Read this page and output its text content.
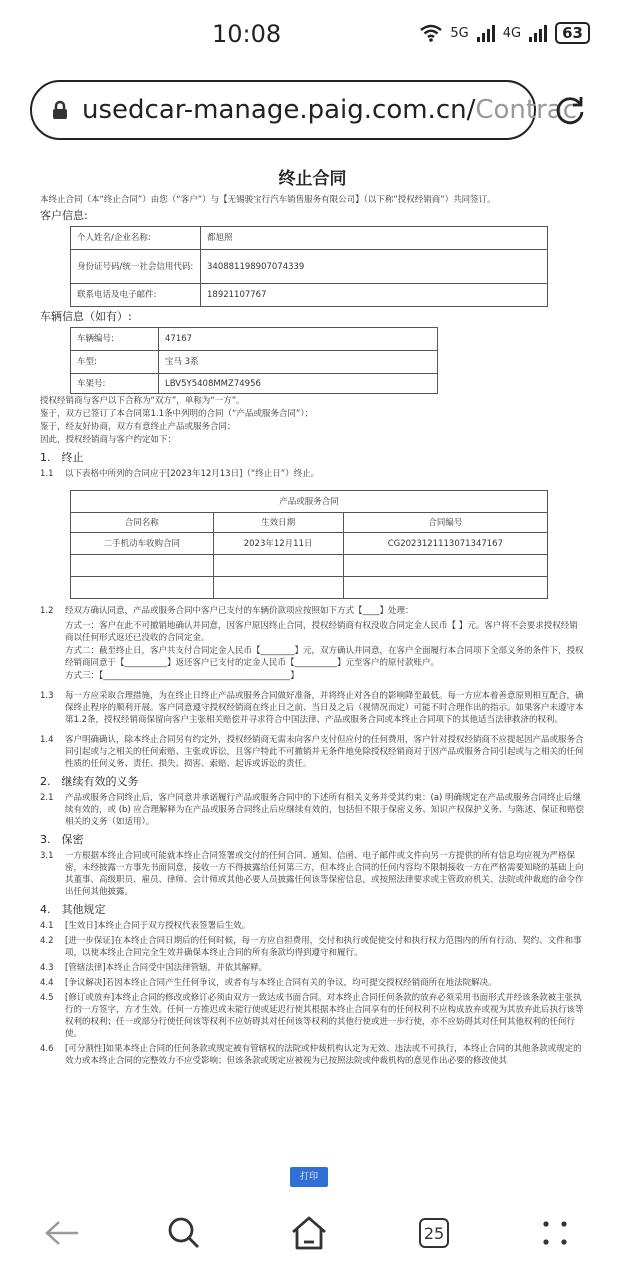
10:08	5G	4G	63
usedcar-manage.paig.com.cn/Contrac
终止合同
本终止合同（本“终止合同”）由您（“客户”）与【无锡骏宝行汽车销售服务有限公司】（以下称“授权经销商”）共同签订。
客户信息:
个人姓名/企业名称:	都旭照
身份证号码/统一社会信用代码:	340881198907074339
联系电话及电子邮件:	18921107767
车辆信息（如有）:
车辆编号:	47167
车型:	宝马 3系
车架号:	LBV5Y5408MMZ74956
授权经销商与客户以下合称为“双方”，单称为“一方”。
鉴于，双方已签订了本合同第1.1条中列明的合同（“产品或服务合同”）；
鉴于，经友好协商，双方有意终止产品或服务合同；
因此，授权经销商与客户约定如下：
1.　终止
1.1	以下表格中所列的合同应于[2023年12月13日]（“终止日”）终止。
产品或服务合同		
合同名称	生效日期	合同编号
二手机动车收购合同	2023年12月11日	CG2023121113071347167

1.2	经双方确认同意，产品或服务合同中客户已支付的车辆价款项应按照如下方式【____】处理：
方式一：客户在此不可撤销地确认并同意，因客户原因终止合同，授权经销商有权没收合同定金人民币【 】元。客户将不会要求授权经销商以任何形式返还已没收的合同定金。
方式二：截至终止日，客户共支付合同定金人民币【________】元，双方确认并同意，在客户全面履行本合同项下全部义务的条件下，授权经销商同意于【__________】返还客户已支付的定金人民币【__________】元至客户的原付款账户。
方式三：【____________________________________________】
1.3	每一方应采取合理措施，为在终止日终止产品或服务合同做好准备，并将终止对各自的影响降至最低。每一方应本着善意原则相互配合，确保终止程序的顺利开展。客户同意遵守授权经销商在终止日之前、当日及之后（视情况而定）可能不时合理作出的指示。如果客户未遵守本第1.2条，授权经销商保留向客户主张相关赔偿并寻求符合中国法律、产品或服务合同或本终止合同项下的其他适当法律救济的权利。
1.4	客户明确确认，除本终止合同另有约定外，授权经销商无需未向客户支付但应付的任何费用，客户针对授权经销商不应提起因产品或服务合同引起或与之相关的任何索赔、主张或诉讼，且客户特此不可撤销并无条件地免除授权经销商对于因产品或服务合同引起或与之相关的任何性质的任何义务、责任、损失、损害、索赔、起诉或诉讼的责任。
2.　继续有效的义务
2.1	产品或服务合同终止后，客户同意并承诺履行产品或服务合同中的下述所有相关义务并受其约束：(a) 明确规定在产品或服务合同终止后继续有效的，或 (b) 应合理解释为在产品或服务合同终止后应继续有效的，包括但不限于保密义务、知识产权保护义务、与陈述、保证和赔偿相关的义务（如适用）。
3.　保密
3.1	一方根据本终止合同或可能就本终止合同签署或交付的任何合同、通知、信函、电子邮件或文件向另一方提供的所有信息均应视为严格保密，未经披露一方事先书面同意，接收一方不得披露给任何第三方，但本终止合同的任何内容均不限制接收一方在严格需要知晓的基础上向其董事、高级职员、雇员、律师、会计师或其他必要人员披露任何该等保密信息，或按照法律要求或主管政府机关、法院或仲裁庭的命令作出任何其他披露。
4.　其他规定
4.1	[生效日]本终止合同于双方授权代表签署后生效。
4.2	[进一步保证]在本终止合同日期后的任何时候，每一方应自担费用，交付和执行或促使交付和执行权力范围内的所有行动、契约、文件和事项，以使本终止合同完全生效并确保本终止合同的所有条款均得到遵守和履行。
4.3	[管辖法律]本终止合同受中国法律管辖，并依其解释。
4.4	[争议解决]若因本终止合同产生任何争议，或者有与本终止合同有关的争议，均可提交授权经销商所在地法院解决。
4.5	[修订或放弃]本终止合同的修改或修订必须由双方一致达成书面合同。对本终止合同任何条款的放弃必须采用书面形式并经该条款被主张执行的一方签字，方才生效。任何一方推迟或未能行使或延迟行使其根据本终止合同享有的任何权利不应构成放弃或视为其放弃此后执行该等权利的权利；任一或部分行使任何该等权利不应妨碍其对任何该等权利的其他行使或进一步行使，亦不应妨碍其对任何其他权利的任何行使。
4.6	[可分割性]如果本终止合同的任何条款或规定被有管辖权的法院或仲裁机构认定为无效、违法或不可执行，本终止合同的其他条款或规定的效力或本终止合同的完整效力不应受影响；但该条款或规定应被视为已按照法院或仲裁机构的意见作出必要的修改使其
打印
25
